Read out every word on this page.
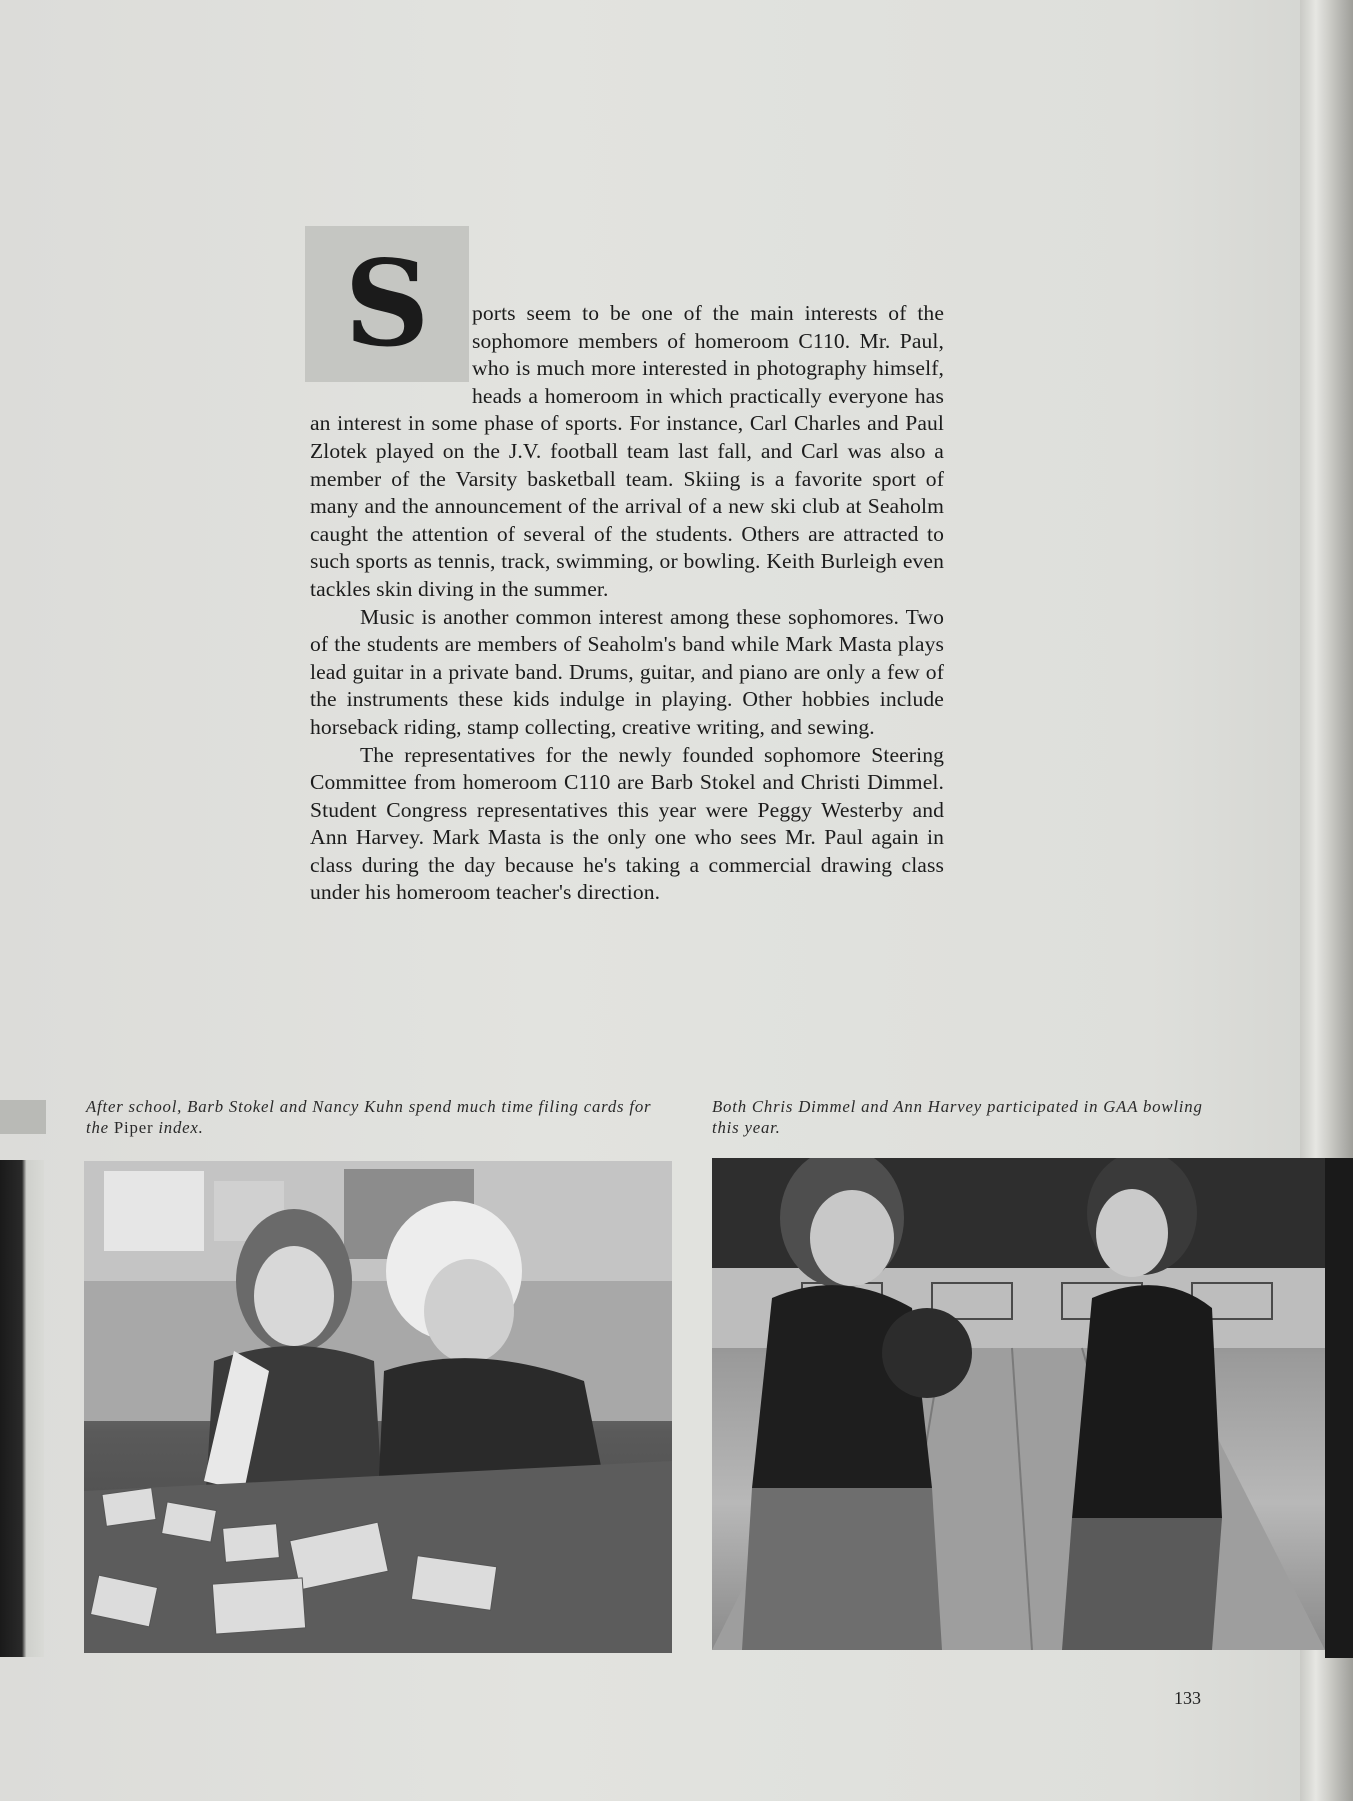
S	ports seem to be one of the main interests of the sophomore members of homeroom C110. Mr. Paul, who is much more interested in photography himself, heads a homeroom in which practically everyone has an interest in some phase of sports. For instance, Carl Charles and Paul Zlotek played on the J.V. football team last fall, and Carl was also a member of the Varsity basketball team. Skiing is a favorite sport of many and the announcement of the arrival of a new ski club at Seaholm caught the attention of several of the students. Others are attracted to such sports as tennis, track, swimming, or bowling. Keith Burleigh even tackles skin diving in the summer.

Music is another common interest among these sophomores. Two of the students are members of Seaholm's band while Mark Masta plays lead guitar in a private band. Drums, guitar, and piano are only a few of the instruments these kids indulge in playing. Other hobbies include horseback riding, stamp collecting, creative writing, and sewing.

The representatives for the newly founded sophomore Steering Committee from homeroom C110 are Barb Stokel and Christi Dimmel. Student Congress representatives this year were Peggy Westerby and Ann Harvey. Mark Masta is the only one who sees Mr. Paul again in class during the day because he's taking a commercial drawing class under his homeroom teacher's direction.

After school, Barb Stokel and Nancy Kuhn spend much time filing cards for the Piper index.
Both Chris Dimmel and Ann Harvey participated in GAA bowling this year.
133
